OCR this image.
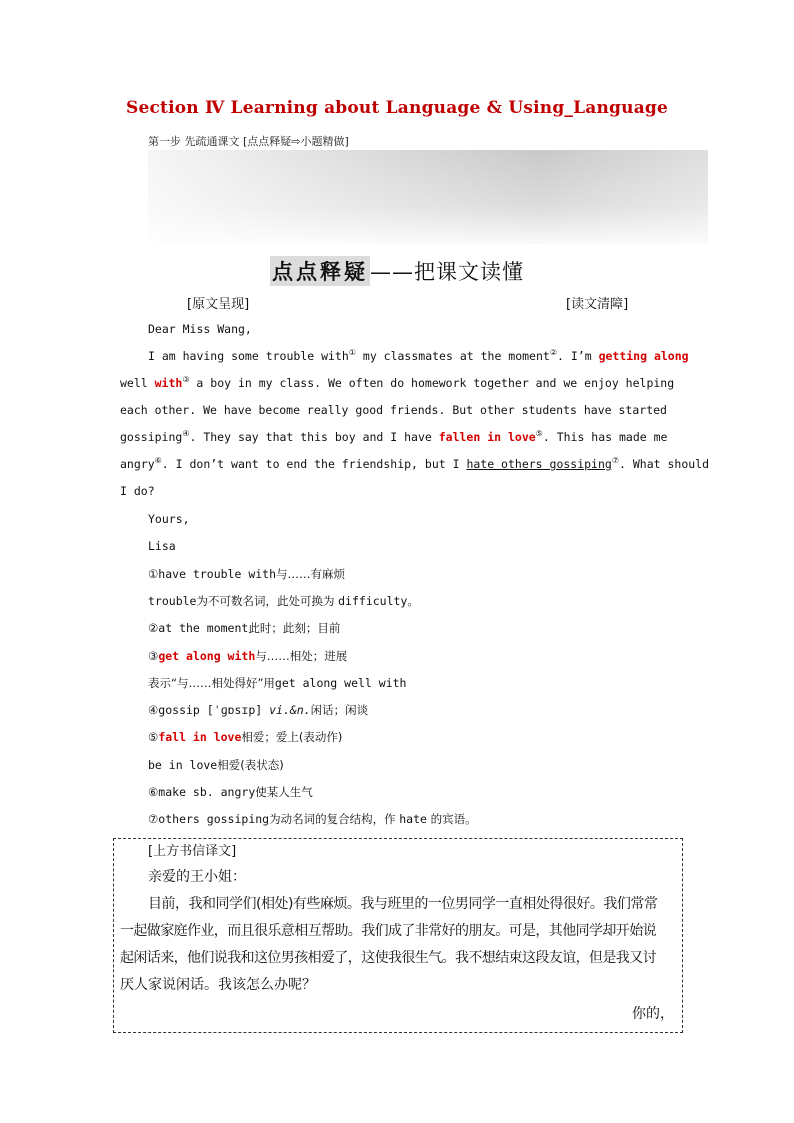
Section Ⅳ Learning about Language & Using_Language
第一步 先疏通课文 [点点释疑⇨小题精做]
点点释疑——把课文读懂
[原文呈现]	[读文清障]
Dear Miss Wang,
I am having some trouble with① my classmates at the moment②. I’m getting along
well with③ a boy in my class. We often do homework together and we enjoy helping
each other. We have become really good friends. But other students have started
gossiping④. They say that this boy and I have fallen in love⑤. This has made me
angry⑥. I don’t want to end the friendship, but I hate others gossiping⑦. What should
I do?
Yours,
Lisa
①have trouble with与……有麻烦
trouble为不可数名词，此处可换为 difficulty。
②at the moment此时；此刻；目前
③get along with与……相处；进展
表示“与……相处得好”用get along well with
④gossip [ˈɡɒsɪp] vi.&n.闲话；闲谈
⑤fall in love相爱；爱上(表动作)
be in love相爱(表状态)
⑥make sb. angry使某人生气
⑦others gossiping为动名词的复合结构，作 hate 的宾语。
[上方书信译文]
亲爱的王小姐：
目前，我和同学们(相处)有些麻烦。我与班里的一位男同学一直相处得很好。我们常常
一起做家庭作业，而且很乐意相互帮助。我们成了非常好的朋友。可是，其他同学却开始说
起闲话来，他们说我和这位男孩相爱了，这使我很生气。我不想结束这段友谊，但是我又讨
厌人家说闲话。我该怎么办呢？
你的，
